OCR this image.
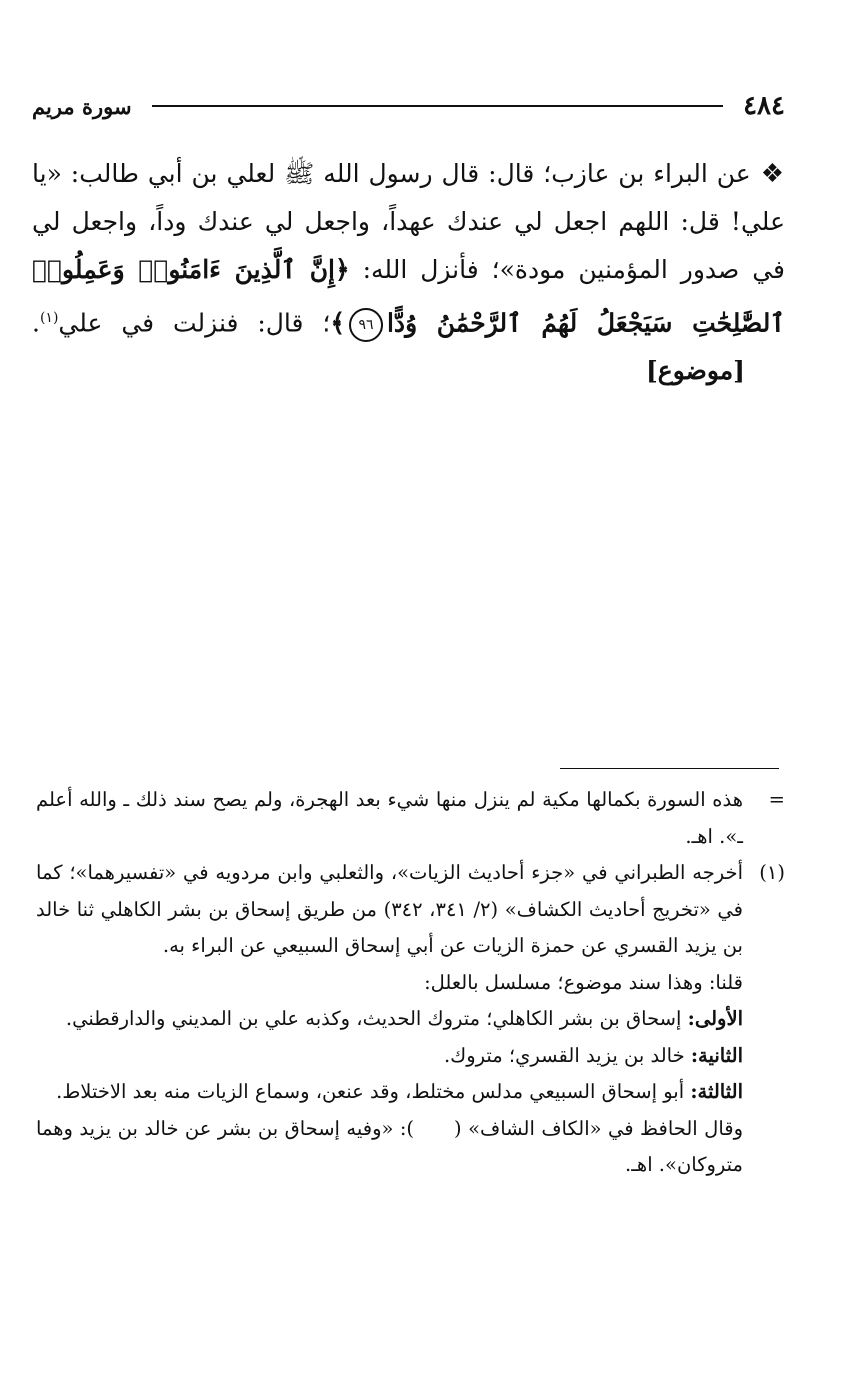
٤٨٤
سورة مريم
❖عن البراء بن عازب؛ قال: قال رسول الله ﷺ لعلي بن أبي طالب: «يا علي! قل: اللهم اجعل لي عندك عهداً، واجعل لي عندك وداً، واجعل لي في صدور المؤمنين مودة»؛ فأنزل الله: ﴿إِنَّ ٱلَّذِينَ ءَامَنُوا۟ وَعَمِلُوا۟ ٱلصَّٰلِحَٰتِ سَيَجْعَلُ لَهُمُ ٱلرَّحْمَٰنُ وُدًّا٩٦﴾؛ قال: فنزلت في علي$^{(١)}$.[موضوع]
=

هذه السورة بكمالها مكية لم ينزل منها شيء بعد الهجرة، ولم يصح سند ذلك ـ والله أعلم ـ». اهـ.

(١)

أخرجه الطبراني في «جزء أحاديث الزيات»، والثعلبي وابن مردويه في «تفسيرهما»؛ كما في «تخريج أحاديث الكشاف» (٢/ ٣٤١، ٣٤٢) من طريق إسحاق بن بشر الكاهلي ثنا خالد بن يزيد القسري عن حمزة الزيات عن أبي إسحاق السبيعي عن البراء به.

قلنا: وهذا سند موضوع؛ مسلسل بالعلل:

الأولى: إسحاق بن بشر الكاهلي؛ متروك الحديث، وكذبه علي بن المديني والدارقطني.

الثانية: خالد بن يزيد القسري؛ متروك.

الثالثة: أبو إسحاق السبيعي مدلس مختلط، وقد عنعن، وسماع الزيات منه بعد الاختلاط.

وقال الحافظ في «الكاف الشاف» (): «وفيه إسحاق بن بشر عن خالد بن يزيد وهما متروكان». اهـ.
